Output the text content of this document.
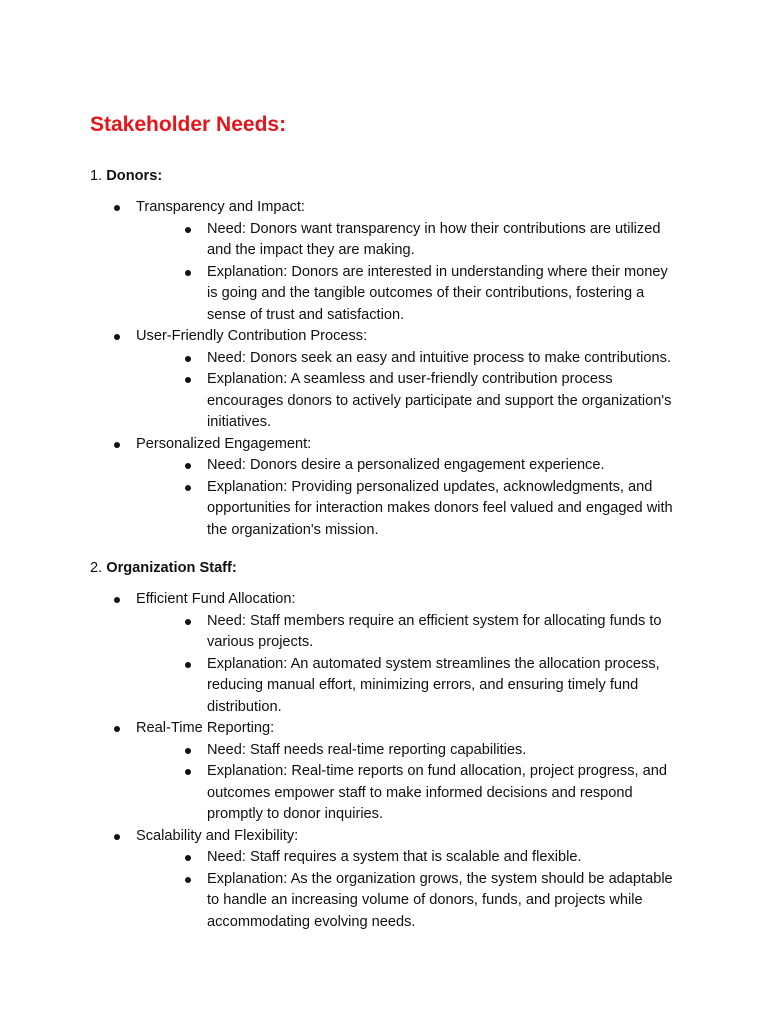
Stakeholder Needs:

1. Donors:

Transparency and Impact:
Need: Donors want transparency in how their contributions are utilized and the impact they are making.
Explanation: Donors are interested in understanding where their money is going and the tangible outcomes of their contributions, fostering a sense of trust and satisfaction.
User-Friendly Contribution Process:
Need: Donors seek an easy and intuitive process to make contributions.
Explanation: A seamless and user-friendly contribution process encourages donors to actively participate and support the organization's initiatives.
Personalized Engagement:
Need: Donors desire a personalized engagement experience.
Explanation: Providing personalized updates, acknowledgments, and opportunities for interaction makes donors feel valued and engaged with the organization's mission.

2. Organization Staff:

Efficient Fund Allocation:
Need: Staff members require an efficient system for allocating funds to various projects.
Explanation: An automated system streamlines the allocation process, reducing manual effort, minimizing errors, and ensuring timely fund distribution.
Real-Time Reporting:
Need: Staff needs real-time reporting capabilities.
Explanation: Real-time reports on fund allocation, project progress, and outcomes empower staff to make informed decisions and respond promptly to donor inquiries.
Scalability and Flexibility:
Need: Staff requires a system that is scalable and flexible.
Explanation: As the organization grows, the system should be adaptable to handle an increasing volume of donors, funds, and projects while accommodating evolving needs.
